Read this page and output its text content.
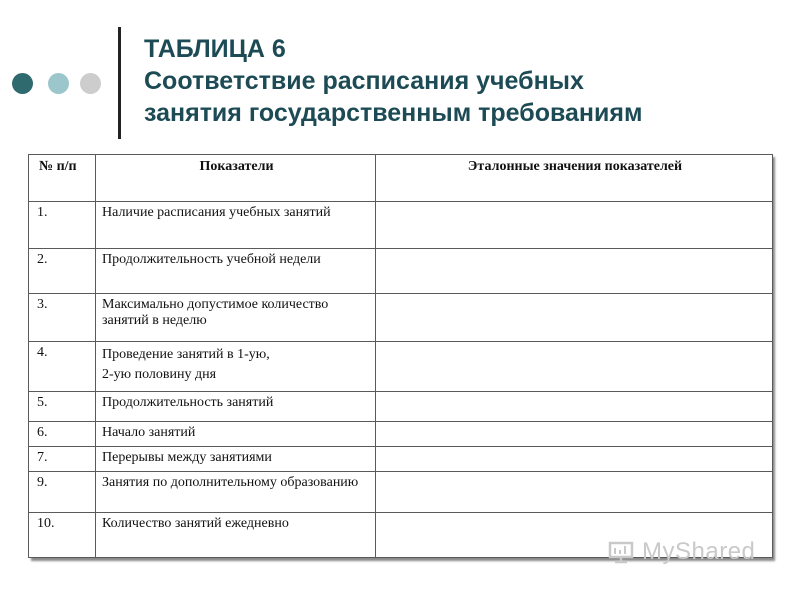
ТАБЛИЦА 6
Соответствие расписания учебных
занятия государственным требованиям
№ п/п	Показатели	Эталонные значения показателей
1.	Наличие расписания учебных занятий	
2.	Продолжительность учебной недели	
3.	Максимально допустимое количество занятий в неделю	
4.	Проведение занятий в 1-ую,
2-ую половину дня	

5.	Продолжительность занятий	
6.	Начало занятий	
7.	Перерывы между занятиями	
9.	Занятия по дополнительному образованию	
10.	Количество занятий ежедневно	
MyShared
